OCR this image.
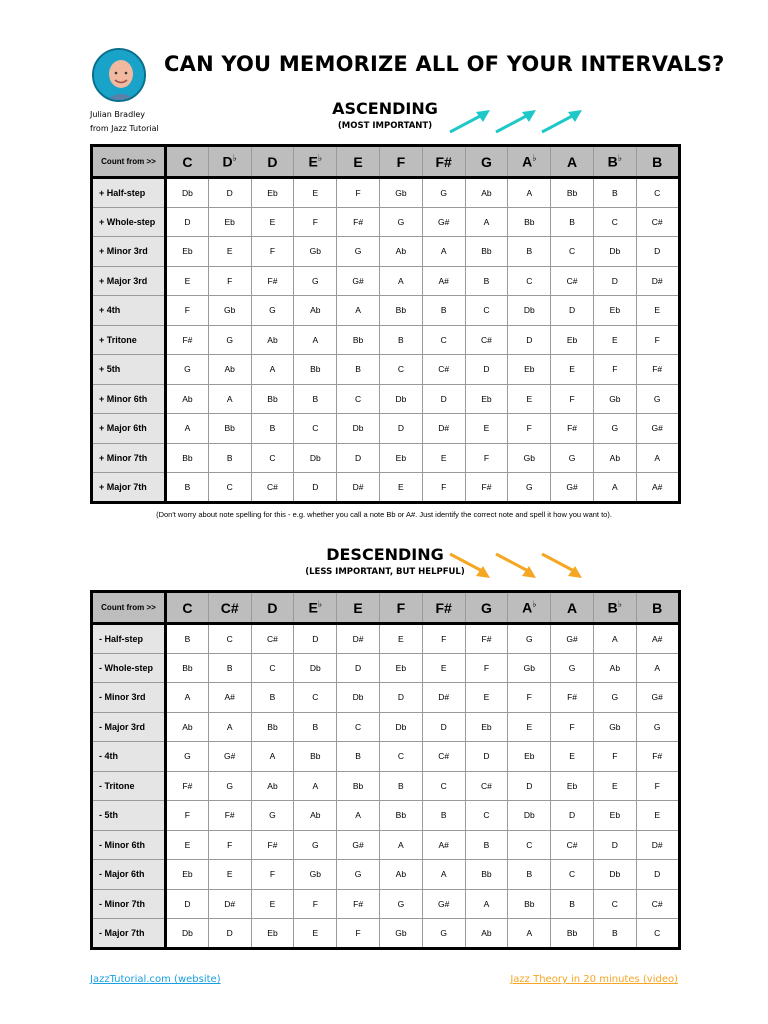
Julian Bradley
from Jazz Tutorial
CAN YOU MEMORIZE ALL OF YOUR INTERVALS?
ASCENDING
(MOST IMPORTANT)
Count from >>	C	D♭	D	E♭	E	F	F#	G	A♭	A	B♭	B
+ Half-step	Db	D	Eb	E	F	Gb	G	Ab	A	Bb	B	C
+ Whole-step	D	Eb	E	F	F#	G	G#	A	Bb	B	C	C#
+ Minor 3rd	Eb	E	F	Gb	G	Ab	A	Bb	B	C	Db	D
+ Major 3rd	E	F	F#	G	G#	A	A#	B	C	C#	D	D#
+ 4th	F	Gb	G	Ab	A	Bb	B	C	Db	D	Eb	E
+ Tritone	F#	G	Ab	A	Bb	B	C	C#	D	Eb	E	F
+ 5th	G	Ab	A	Bb	B	C	C#	D	Eb	E	F	F#
+ Minor 6th	Ab	A	Bb	B	C	Db	D	Eb	E	F	Gb	G
+ Major 6th	A	Bb	B	C	Db	D	D#	E	F	F#	G	G#
+ Minor 7th	Bb	B	C	Db	D	Eb	E	F	Gb	G	Ab	A
+ Major 7th	B	C	C#	D	D#	E	F	F#	G	G#	A	A#
(Don't worry about note spelling for this - e.g. whether you call a note Bb or A#. Just identify the correct note and spell it how you want to).
DESCENDING
(LESS IMPORTANT, BUT HELPFUL)
Count from >>	C	C#	D	E♭	E	F	F#	G	A♭	A	B♭	B
- Half-step	B	C	C#	D	D#	E	F	F#	G	G#	A	A#
- Whole-step	Bb	B	C	Db	D	Eb	E	F	Gb	G	Ab	A
- Minor 3rd	A	A#	B	C	Db	D	D#	E	F	F#	G	G#
- Major 3rd	Ab	A	Bb	B	C	Db	D	Eb	E	F	Gb	G
- 4th	G	G#	A	Bb	B	C	C#	D	Eb	E	F	F#
- Tritone	F#	G	Ab	A	Bb	B	C	C#	D	Eb	E	F
- 5th	F	F#	G	Ab	A	Bb	B	C	Db	D	Eb	E
- Minor 6th	E	F	F#	G	G#	A	A#	B	C	C#	D	D#
- Major 6th	Eb	E	F	Gb	G	Ab	A	Bb	B	C	Db	D
- Minor 7th	D	D#	E	F	F#	G	G#	A	Bb	B	C	C#
- Major 7th	Db	D	Eb	E	F	Gb	G	Ab	A	Bb	B	C
JazzTutorial.com (website)	Jazz Theory in 20 minutes (video)
